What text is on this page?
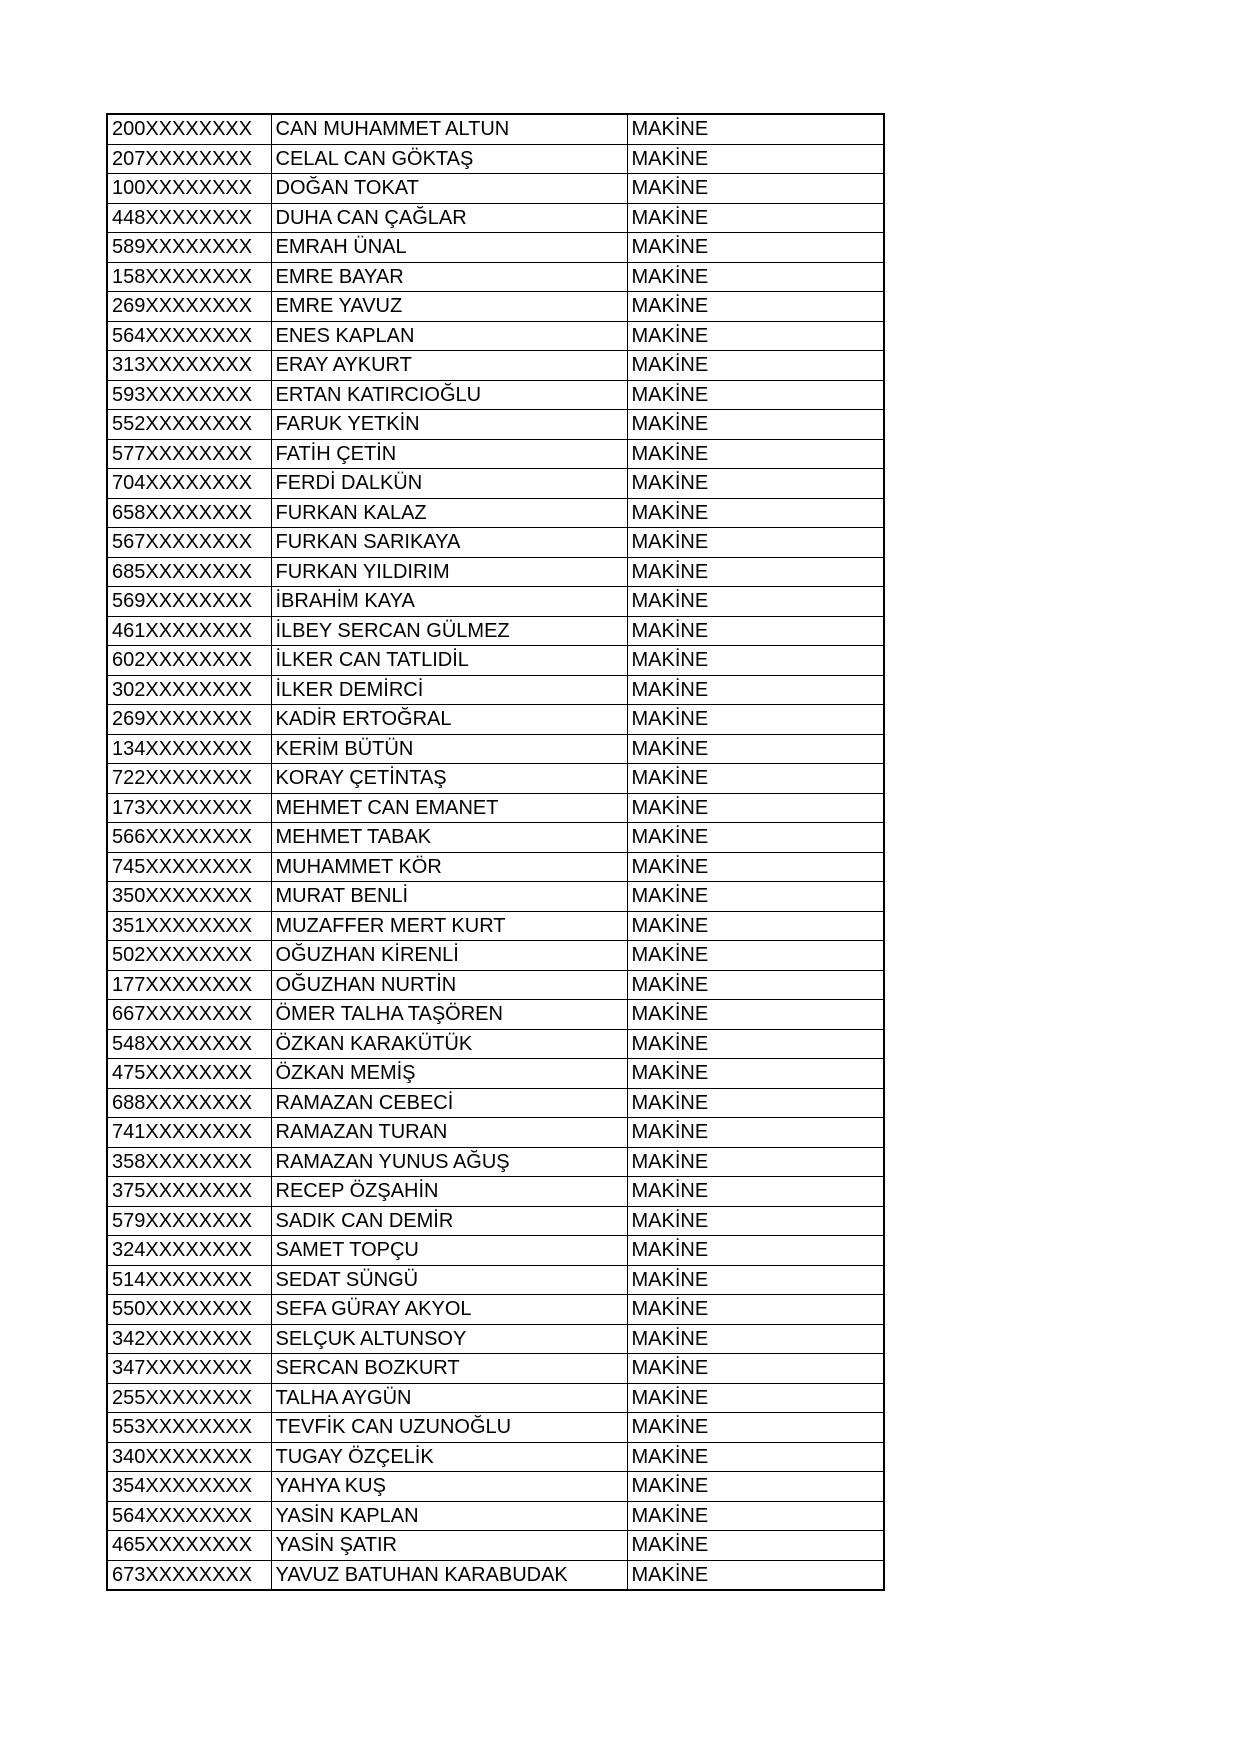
200XXXXXXXX	CAN MUHAMMET ALTUN	MAKİNE
207XXXXXXXX	CELAL CAN GÖKTAŞ	MAKİNE
100XXXXXXXX	DOĞAN TOKAT	MAKİNE
448XXXXXXXX	DUHA CAN ÇAĞLAR	MAKİNE
589XXXXXXXX	EMRAH ÜNAL	MAKİNE
158XXXXXXXX	EMRE BAYAR	MAKİNE
269XXXXXXXX	EMRE YAVUZ	MAKİNE
564XXXXXXXX	ENES KAPLAN	MAKİNE
313XXXXXXXX	ERAY AYKURT	MAKİNE
593XXXXXXXX	ERTAN KATIRCIOĞLU	MAKİNE
552XXXXXXXX	FARUK YETKİN	MAKİNE
577XXXXXXXX	FATİH ÇETİN	MAKİNE
704XXXXXXXX	FERDİ DALKÜN	MAKİNE
658XXXXXXXX	FURKAN KALAZ	MAKİNE
567XXXXXXXX	FURKAN SARIKAYA	MAKİNE
685XXXXXXXX	FURKAN YILDIRIM	MAKİNE
569XXXXXXXX	İBRAHİM KAYA	MAKİNE
461XXXXXXXX	İLBEY SERCAN GÜLMEZ	MAKİNE
602XXXXXXXX	İLKER CAN TATLIDİL	MAKİNE
302XXXXXXXX	İLKER DEMİRCİ	MAKİNE
269XXXXXXXX	KADİR ERTOĞRAL	MAKİNE
134XXXXXXXX	KERİM BÜTÜN	MAKİNE
722XXXXXXXX	KORAY ÇETİNTAŞ	MAKİNE
173XXXXXXXX	MEHMET CAN EMANET	MAKİNE
566XXXXXXXX	MEHMET TABAK	MAKİNE
745XXXXXXXX	MUHAMMET KÖR	MAKİNE
350XXXXXXXX	MURAT BENLİ	MAKİNE
351XXXXXXXX	MUZAFFER MERT KURT	MAKİNE
502XXXXXXXX	OĞUZHAN KİRENLİ	MAKİNE
177XXXXXXXX	OĞUZHAN NURTİN	MAKİNE
667XXXXXXXX	ÖMER TALHA TAŞÖREN	MAKİNE
548XXXXXXXX	ÖZKAN KARAKÜTÜK	MAKİNE
475XXXXXXXX	ÖZKAN MEMİŞ	MAKİNE
688XXXXXXXX	RAMAZAN CEBECİ	MAKİNE
741XXXXXXXX	RAMAZAN TURAN	MAKİNE
358XXXXXXXX	RAMAZAN YUNUS AĞUŞ	MAKİNE
375XXXXXXXX	RECEP ÖZŞAHİN	MAKİNE
579XXXXXXXX	SADIK CAN DEMİR	MAKİNE
324XXXXXXXX	SAMET TOPÇU	MAKİNE
514XXXXXXXX	SEDAT SÜNGÜ	MAKİNE
550XXXXXXXX	SEFA GÜRAY AKYOL	MAKİNE
342XXXXXXXX	SELÇUK ALTUNSOY	MAKİNE
347XXXXXXXX	SERCAN BOZKURT	MAKİNE
255XXXXXXXX	TALHA AYGÜN	MAKİNE
553XXXXXXXX	TEVFİK CAN UZUNOĞLU	MAKİNE
340XXXXXXXX	TUGAY ÖZÇELİK	MAKİNE
354XXXXXXXX	YAHYA KUŞ	MAKİNE
564XXXXXXXX	YASİN KAPLAN	MAKİNE
465XXXXXXXX	YASİN ŞATIR	MAKİNE
673XXXXXXXX	YAVUZ BATUHAN KARABUDAK	MAKİNE
